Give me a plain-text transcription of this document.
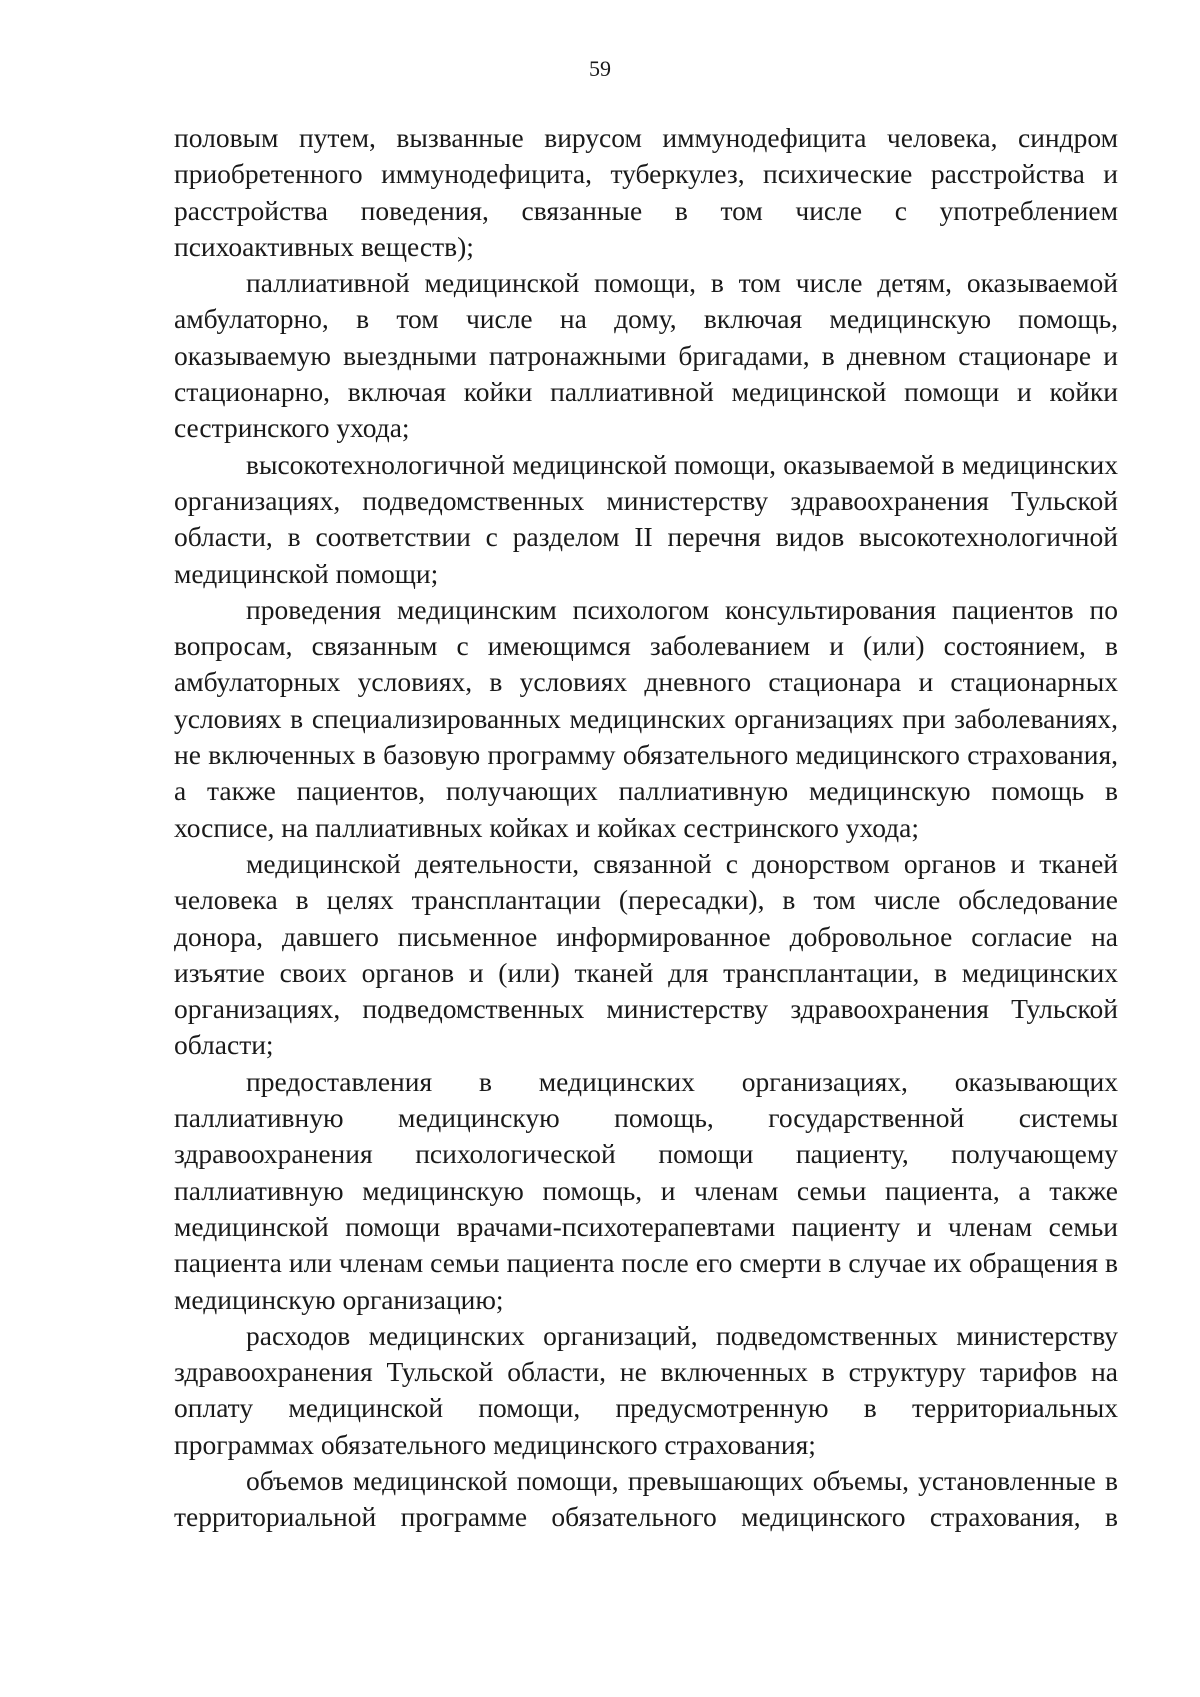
59

половым путем, вызванные вирусом иммунодефицита человека, синдром приобретенного иммунодефицита, туберкулез, психические расстройства и расстройства поведения, связанные в том числе с употреблением психоактивных веществ);

паллиативной медицинской помощи, в том числе детям, оказываемой амбулаторно, в том числе на дому, включая медицинскую помощь, оказываемую выездными патронажными бригадами, в дневном стационаре и стационарно, включая койки паллиативной медицинской помощи и койки сестринского ухода;

высокотехнологичной медицинской помощи, оказываемой в медицинских организациях, подведомственных министерству здравоохранения Тульской области, в соответствии с разделом II перечня видов высокотехнологичной медицинской помощи;

проведения медицинским психологом консультирования пациентов по вопросам, связанным с имеющимся заболеванием и (или) состоянием, в амбулаторных условиях, в условиях дневного стационара и стационарных условиях в специализированных медицинских организациях при заболеваниях, не включенных в базовую программу обязательного медицинского страхования, а также пациентов, получающих паллиативную медицинскую помощь в хосписе, на паллиативных койках и койках сестринского ухода;

медицинской деятельности, связанной с донорством органов и тканей человека в целях трансплантации (пересадки), в том числе обследование донора, давшего письменное информированное добровольное согласие на изъятие своих органов и (или) тканей для трансплантации, в медицинских организациях, подведомственных министерству здравоохранения Тульской области;

предоставления в медицинских организациях, оказывающих паллиативную медицинскую помощь, государственной системы здравоохранения психологической помощи пациенту, получающему паллиативную медицинскую помощь, и членам семьи пациента, а также медицинской помощи врачами-психотерапевтами пациенту и членам семьи пациента или членам семьи пациента после его смерти в случае их обращения в медицинскую организацию;

расходов медицинских организаций, подведомственных министерству здравоохранения Тульской области, не включенных в структуру тарифов на оплату медицинской помощи, предусмотренную в территориальных программах обязательного медицинского страхования;

объемов медицинской помощи, превышающих объемы, установленные в территориальной программе обязательного медицинского страхования, в
